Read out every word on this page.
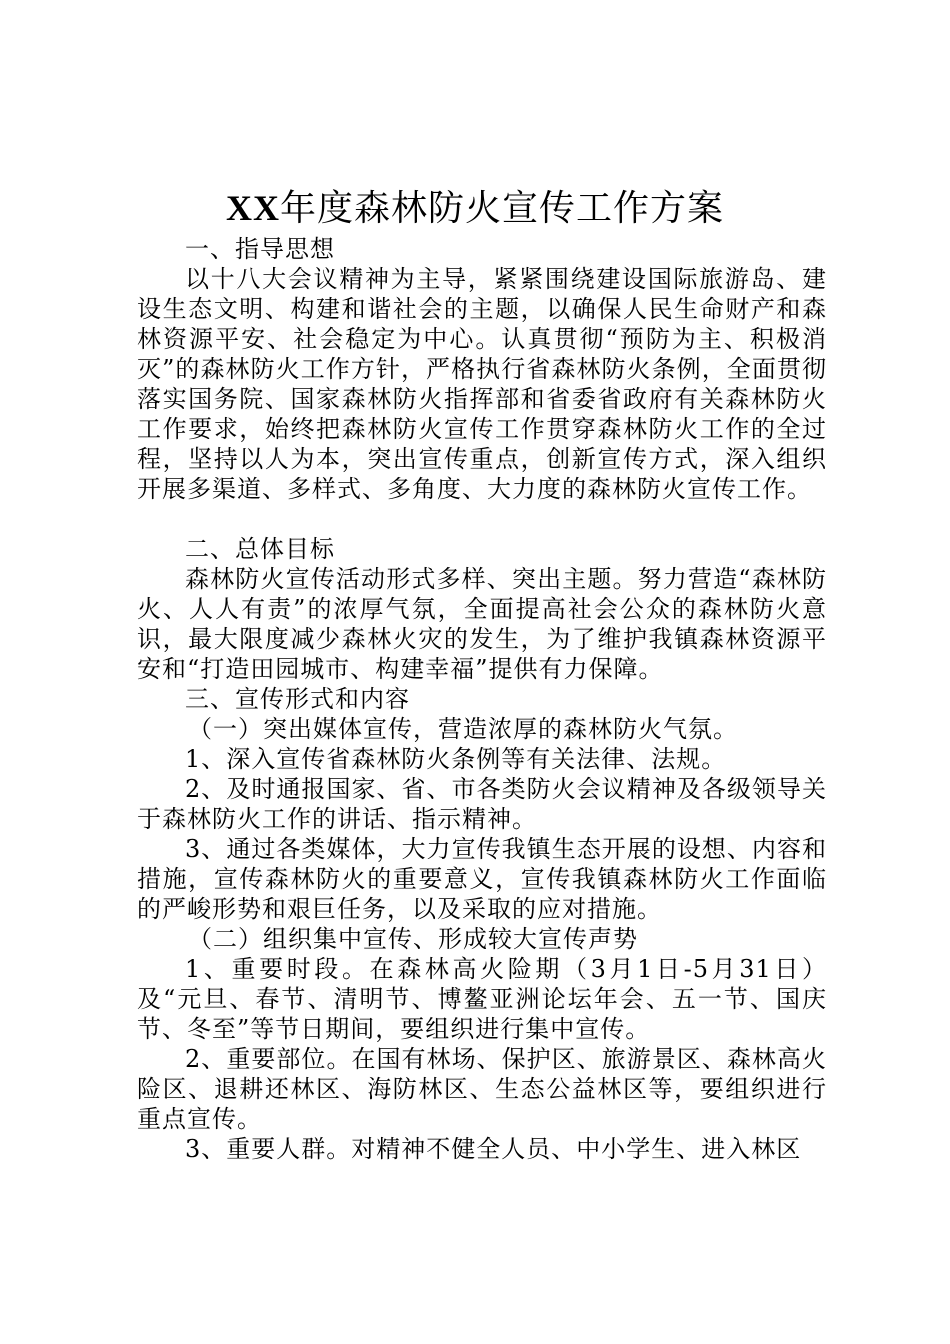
XX年度森林防火宣传工作方案

一、指导思想

以十八大会议精神为主导，紧紧围绕建设国际旅游岛、建设生态文明、构建和谐社会的主题，以确保人民生命财产和森林资源平安、社会稳定为中心。认真贯彻“预防为主、积极消灭”的森林防火工作方针，严格执行省森林防火条例，全面贯彻落实国务院、国家森林防火指挥部和省委省政府有关森林防火工作要求，始终把森林防火宣传工作贯穿森林防火工作的全过程，坚持以人为本，突出宣传重点，创新宣传方式，深入组织开展多渠道、多样式、多角度、大力度的森林防火宣传工作。

二、总体目标

森林防火宣传活动形式多样、突出主题。努力营造“森林防火、人人有责”的浓厚气氛，全面提高社会公众的森林防火意识，最大限度减少森林火灾的发生，为了维护我镇森林资源平安和“打造田园城市、构建幸福”提供有力保障。

三、宣传形式和内容

（一）突出媒体宣传，营造浓厚的森林防火气氛。

1、深入宣传省森林防火条例等有关法律、法规。

2、及时通报国家、省、市各类防火会议精神及各级领导关于森林防火工作的讲话、指示精神。

3、通过各类媒体，大力宣传我镇生态开展的设想、内容和措施，宣传森林防火的重要意义，宣传我镇森林防火工作面临的严峻形势和艰巨任务，以及采取的应对措施。

（二）组织集中宣传、形成较大宣传声势

1、重要时段。在森林高火险期（3月1日-5月31日）及“元旦、春节、清明节、博鳌亚洲论坛年会、五一节、国庆节、冬至”等节日期间，要组织进行集中宣传。

2、重要部位。在国有林场、保护区、旅游景区、森林高火险区、退耕还林区、海防林区、生态公益林区等，要组织进行重点宣传。

3、重要人群。对精神不健全人员、中小学生、进入林区
